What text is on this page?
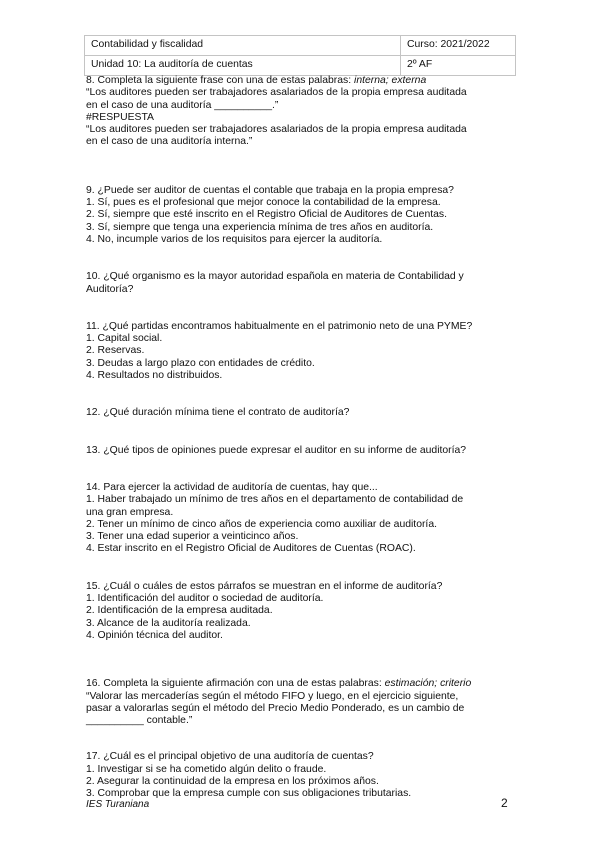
Contabilidad y fiscalidad	Curso: 2021/2022
Unidad 10: La auditoría de cuentas	2º AF

8. Completa la siguiente frase con una de estas palabras: interna; externa

“Los auditores pueden ser trabajadores asalariados de la propia empresa auditada

en el caso de una auditoría __________.”

#RESPUESTA

“Los auditores pueden ser trabajadores asalariados de la propia empresa auditada

en el caso de una auditoría interna.”

9. ¿Puede ser auditor de cuentas el contable que trabaja en la propia empresa?

1. Sí, pues es el profesional que mejor conoce la contabilidad de la empresa.

2. Sí, siempre que esté inscrito en el Registro Oficial de Auditores de Cuentas.

3. Sí, siempre que tenga una experiencia mínima de tres años en auditoría.

4. No, incumple varios de los requisitos para ejercer la auditoría.

10. ¿Qué organismo es la mayor autoridad española en materia de Contabilidad y

Auditoría?

11. ¿Qué partidas encontramos habitualmente en el patrimonio neto de una PYME?

1. Capital social.

2. Reservas.

3. Deudas a largo plazo con entidades de crédito.

4. Resultados no distribuidos.

12. ¿Qué duración mínima tiene el contrato de auditoría?

13. ¿Qué tipos de opiniones puede expresar el auditor en su informe de auditoría?

14. Para ejercer la actividad de auditoría de cuentas, hay que...

1. Haber trabajado un mínimo de tres años en el departamento de contabilidad de

una gran empresa.

2. Tener un mínimo de cinco años de experiencia como auxiliar de auditoría.

3. Tener una edad superior a veinticinco años.

4. Estar inscrito en el Registro Oficial de Auditores de Cuentas (ROAC).

15. ¿Cuál o cuáles de estos párrafos se muestran en el informe de auditoría?

1. Identificación del auditor o sociedad de auditoría.

2. Identificación de la empresa auditada.

3. Alcance de la auditoría realizada.

4. Opinión técnica del auditor.

16. Completa la siguiente afirmación con una de estas palabras: estimación; criterio

“Valorar las mercaderías según el método FIFO y luego, en el ejercicio siguiente,

pasar a valorarlas según el método del Precio Medio Ponderado, es un cambio de

__________ contable.”

17. ¿Cuál es el principal objetivo de una auditoría de cuentas?

1. Investigar si se ha cometido algún delito o fraude.

2. Asegurar la continuidad de la empresa en los próximos años.

3. Comprobar que la empresa cumple con sus obligaciones tributarias.

IES Turaniana	2
